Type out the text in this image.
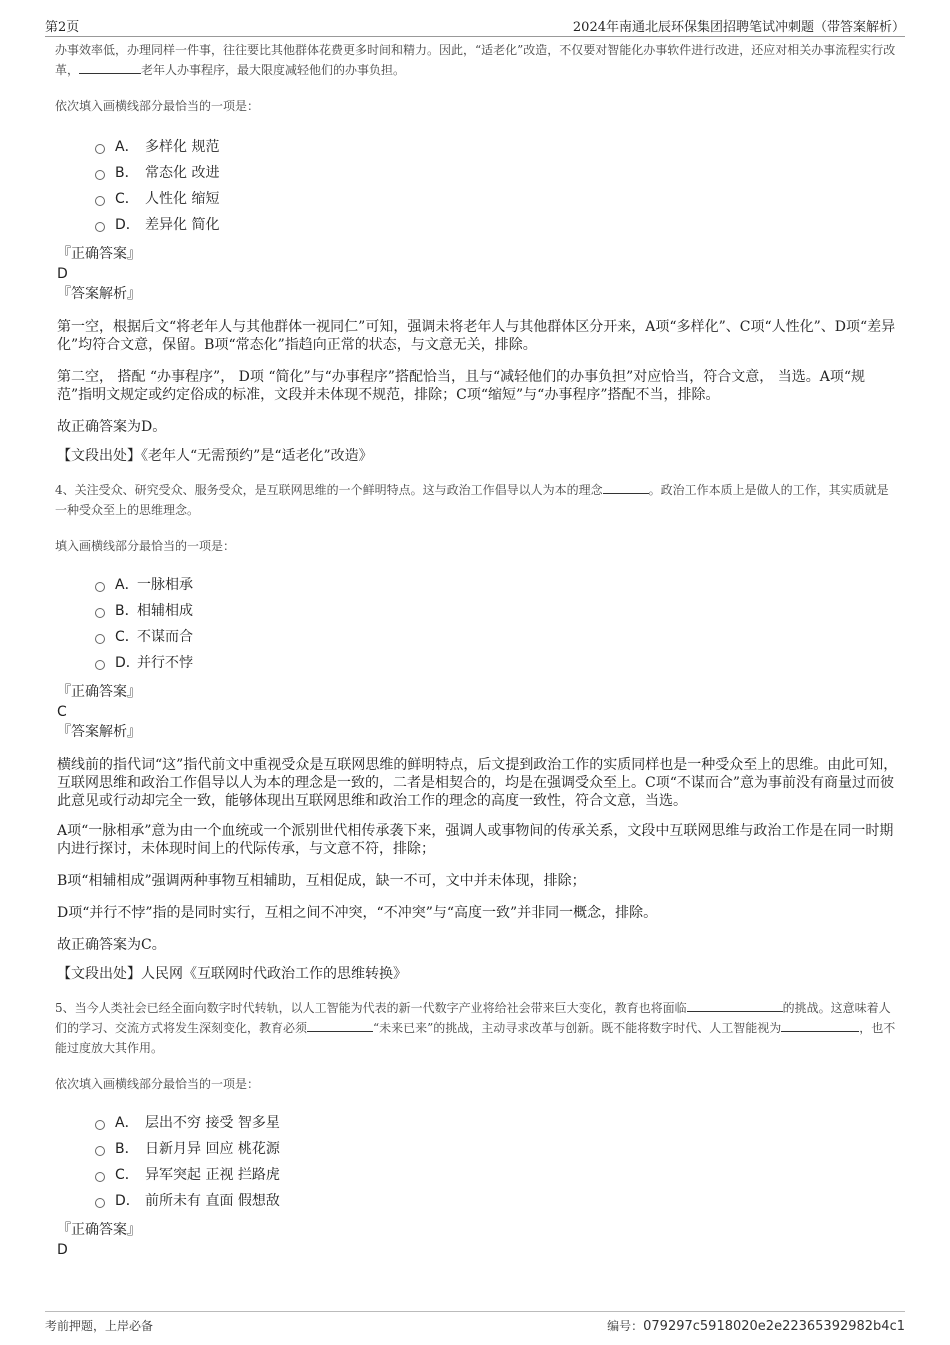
第2页	2024年南通北辰环保集团招聘笔试冲刺题（带答案解析）

办事效率低，办理同样一件事，往往要比其他群体花费更多时间和精力。因此，“适老化”改造，不仅要对智能化办事软件进行改进，还应对相关办事流程实行改革，	老年人办事程序，最大限度减轻他们的办事负担。

依次填入画横线部分最恰当的一项是：

A． 多样化 规范
B． 常态化 改进
C． 人性化 缩短
D． 差异化 简化
『正确答案』
D
『答案解析』

第一空，根据后文“将老年人与其他群体一视同仁”可知，强调未将老年人与其他群体区分开来，A项“多样化”、C项“人性化”、D项“差异化”均符合文意，保留。B项“常态化”指趋向正常的状态，与文意无关，排除。

第二空， 搭配 “办事程序”， D项 “简化”与“办事程序”搭配恰当，且与“减轻他们的办事负担”对应恰当，符合文意， 当选。A项“规范”指明文规定或约定俗成的标准，文段并未体现不规范，排除；C项“缩短”与“办事程序”搭配不当，排除。

故正确答案为D。

【文段出处】《老年人“无需预约”是“适老化”改造》

4、关注受众、研究受众、服务受众，是互联网思维的一个鲜明特点。这与政治工作倡导以人为本的理念	。政治工作本质上是做人的工作，其实质就是一种受众至上的思维理念。

填入画横线部分最恰当的一项是：

A．
一脉相承
B．
相辅相成
C．
不谋而合
D．
并行不悖
『正确答案』
C
『答案解析』

横线前的指代词“这”指代前文中重视受众是互联网思维的鲜明特点，后文提到政治工作的实质同样也是一种受众至上的思维。由此可知，互联网思维和政治工作倡导以人为本的理念是一致的，二者是相契合的，均是在强调受众至上。C项“不谋而合”意为事前没有商量过而彼此意见或行动却完全一致，能够体现出互联网思维和政治工作的理念的高度一致性，符合文意，当选。

A项“一脉相承”意为由一个血统或一个派别世代相传承袭下来，强调人或事物间的传承关系，文段中互联网思维与政治工作是在同一时期内进行探讨，未体现时间上的代际传承，与文意不符，排除；

B项“相辅相成”强调两种事物互相辅助，互相促成，缺一不可，文中并未体现，排除；

D项“并行不悖”指的是同时实行，互相之间不冲突，“不冲突”与“高度一致”并非同一概念，排除。

故正确答案为C。

【文段出处】人民网《互联网时代政治工作的思维转换》

5、当今人类社会已经全面向数字时代转轨，以人工智能为代表的新一代数字产业将给社会带来巨大变化，教育也将面临	的挑战。这意味着人们的学习、交流方式将发生深刻变化，教育必须	“未来已来”的挑战，主动寻求改革与创新。既不能将数字时代、人工智能视为	，也不能过度放大其作用。

依次填入画横线部分最恰当的一项是：

A． 层出不穷 接受 智多星
B． 日新月异 回应 桃花源
C． 异军突起 正视 拦路虎
D． 前所未有 直面 假想敌
『正确答案』
D
考前押题，上岸必备	编号：079297c5918020e2e22365392982b4c1
